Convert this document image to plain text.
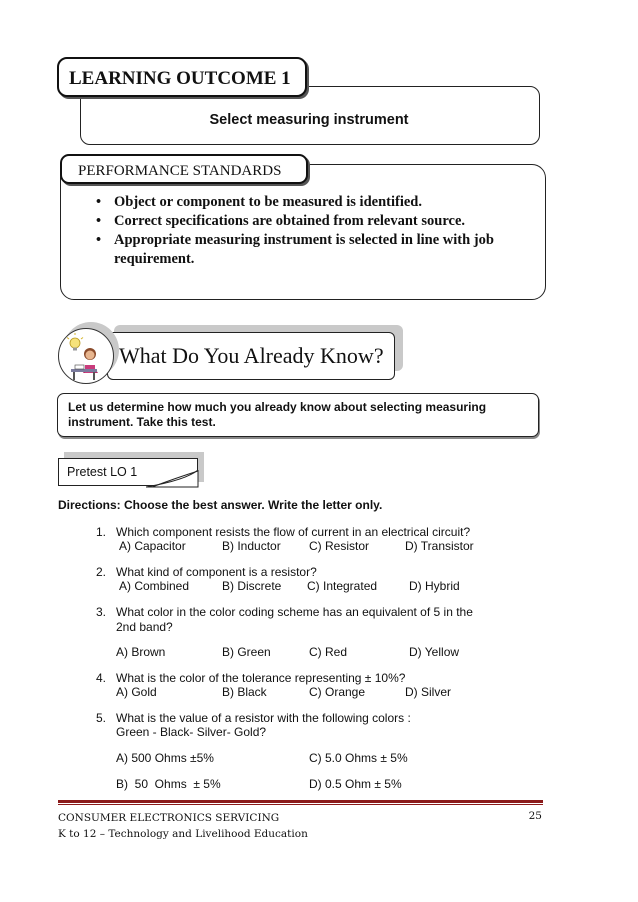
LEARNING OUTCOME 1
Select measuring instrument
PERFORMANCE STANDARDS
• Object or component to be measured is identified.
• Correct specifications are obtained from relevant source.
• Appropriate measuring instrument is selected in line with job requirement.
What Do You Already Know?
Let us determine how much you already know about selecting measuring instrument. Take this test.
Pretest LO 1
Directions: Choose the best answer. Write the letter only.
1. Which component resists the flow of current in an electrical circuit?
A) Capacitor	B) Inductor C) Resistor	D) Transistor
2. What kind of component is a resistor?
A) Combined	B) Discrete C) Integrated	D) Hybrid
3. What color in the color coding scheme has an equivalent of 5 in the 2nd band?
A) Brown	B) Green	C) Red	D) Yellow
4. What is the color of the tolerance representing ± 10%?
A) Gold	B) Black	C) Orange	D) Silver
5. What is the value of a resistor with the following colors :
Green - Black- Silver- Gold?
A) 500 Ohms ±5%	C) 5.0 Ohms ± 5%
B)  50  Ohms  ± 5%	D) 0.5 Ohm ± 5%
CONSUMER ELECTRONICS SERVICING
K to 12 – Technology and Livelihood Education
25
